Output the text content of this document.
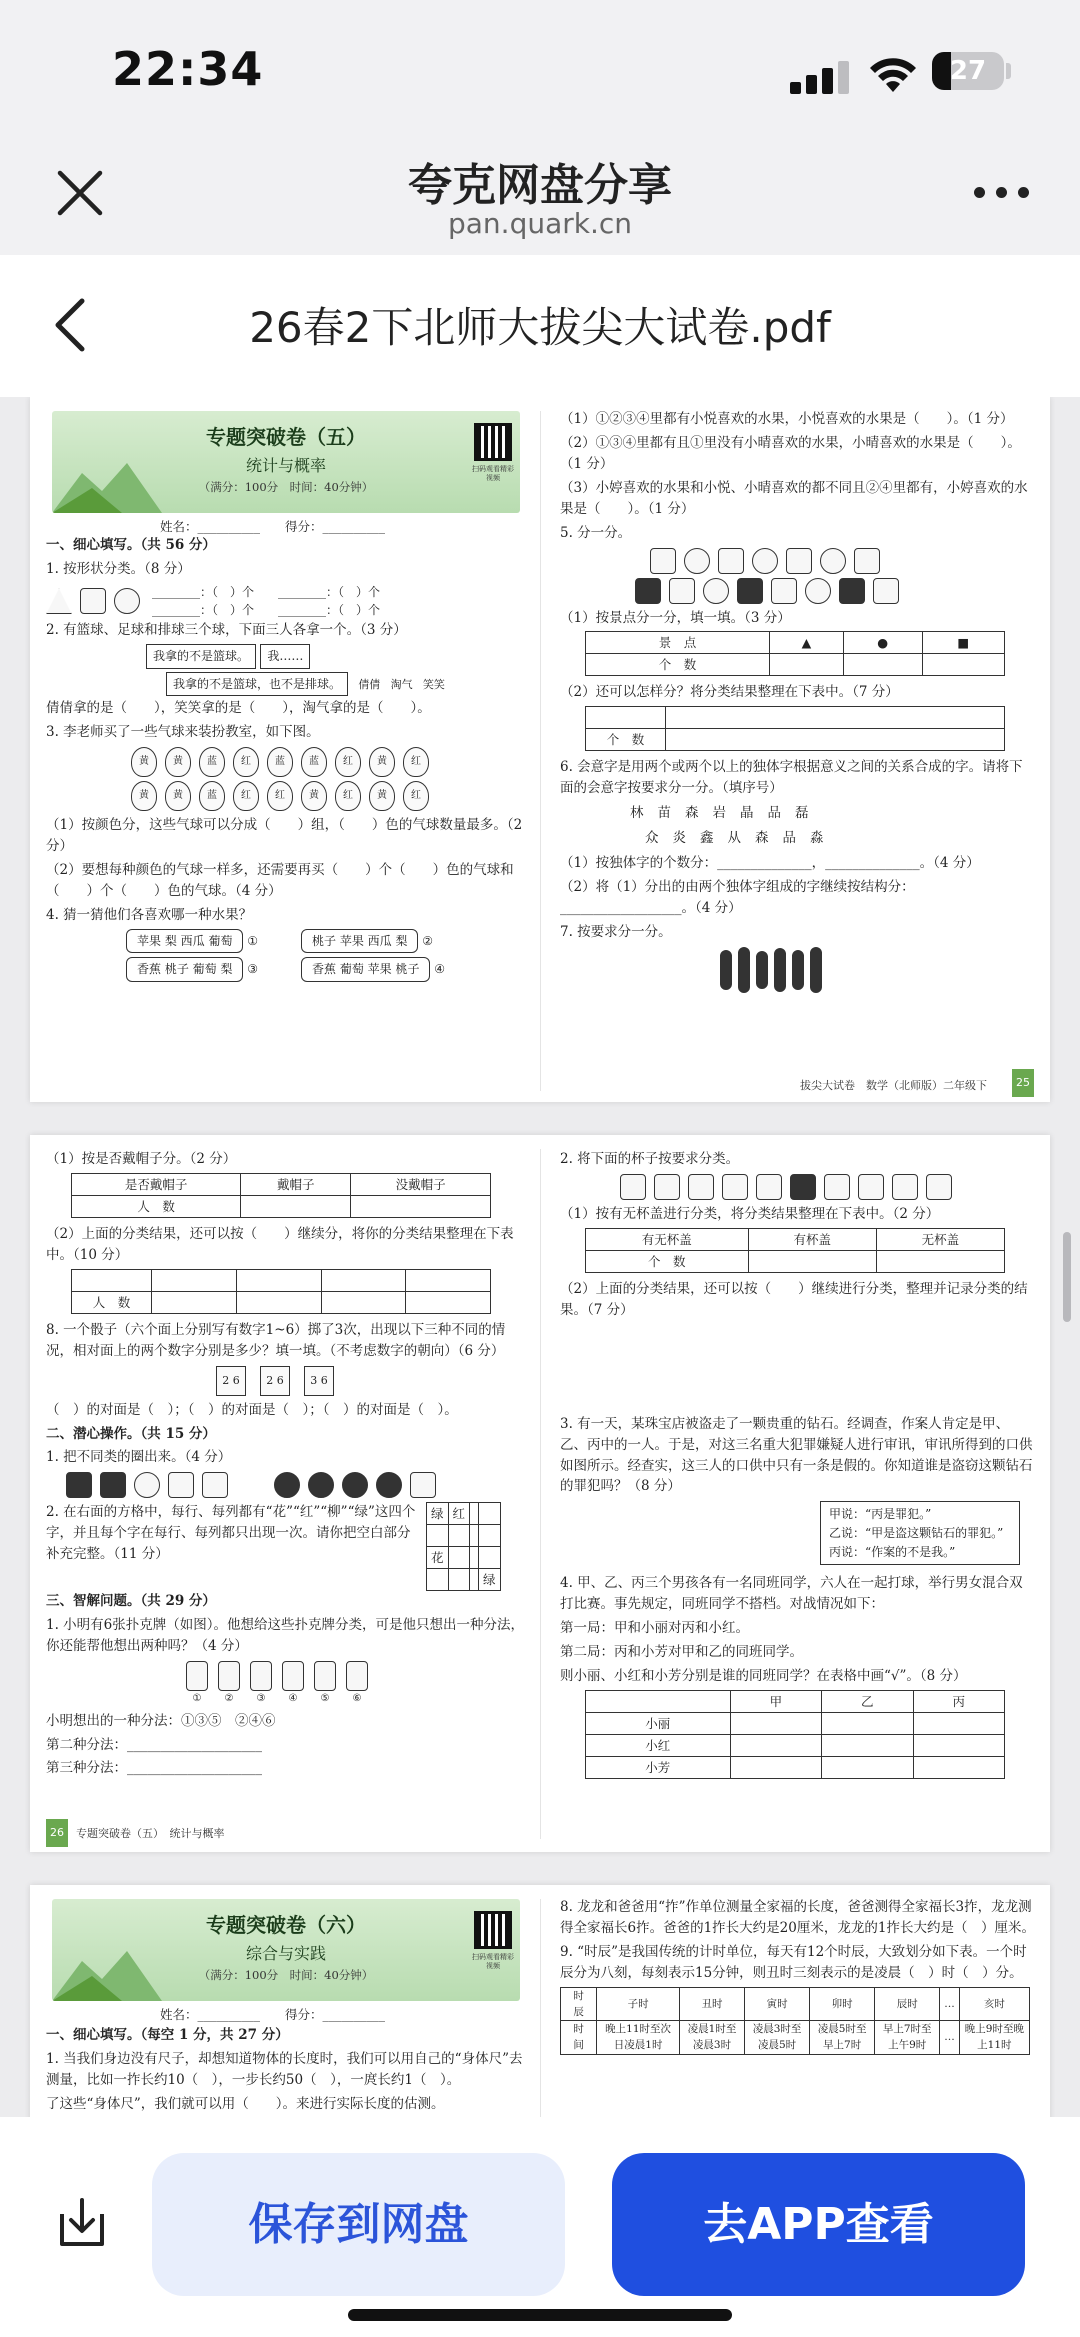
22:34	27
夸克网盘分享
pan.quark.cn
26春2下北师大拔尖大试卷.pdf
专题突破卷（五）
统计与概率
（满分：100分　时间：40分钟）
扫码观看精彩视频
姓名：__________　　得分：__________

一、细心填写。（共 56 分）

1. 按形状分类。（8 分）

________：（　）个　　________：（　）个
________：（　）个　　________：（　）个

2. 有篮球、足球和排球三个球，下面三人各拿一个。（3 分）

我拿的不是篮球。 我……
我拿的不是篮球，也不是排球。 倩倩 淘气 笑笑

倩倩拿的是（　　），笑笑拿的是（　　），淘气拿的是（　　）。

3. 李老师买了一些气球来装扮教室，如下图。

黄	黄	蓝	红	蓝	蓝	红	黄	红
黄	黄	蓝	红	红	黄	红	黄	红

（1）按颜色分，这些气球可以分成（　　）组，（　　）色的气球数量最多。（2 分）

（2）要想每种颜色的气球一样多，还需要再买（　　）个（　　）色的气球和（　　）个（　　）色的气球。（4 分）

4. 猜一猜他们各喜欢哪一种水果？

苹果 梨 西瓜 葡萄 ①	桃子 苹果 西瓜 梨 ②
香蕉 桃子 葡萄 梨 ③	香蕉 葡萄 苹果 桃子 ④

（1）①②③④里都有小悦喜欢的水果，小悦喜欢的水果是（　　）。（1 分）

（2）①③④里都有且①里没有小晴喜欢的水果，小晴喜欢的水果是（　　）。（1 分）

（3）小婷喜欢的水果和小悦、小晴喜欢的都不同且②④里都有，小婷喜欢的水果是（　　）。（1 分）

5. 分一分。

（1）按景点分一分，填一填。（3 分）

景　点	▲	●	■
个　数			

（2）还可以怎样分？将分类结果整理在下表中。（7 分）

个　数	

6. 会意字是用两个或两个以上的独体字根据意义之间的关系合成的字。请将下面的会意字按要求分一分。（填序号）

林 苗 森 岩 晶 品 磊
众 炎 鑫 从 森 品 淼

（1）按独体字的个数分：______________，______________。（4 分）

（2）将（1）分出的由两个独体字组成的字继续按结构分：__________________。（4 分）

7. 按要求分一分。

拔尖大试卷　数学（北师版）二年级下	25

（1）按是否戴帽子分。（2 分）

是否戴帽子	戴帽子	没戴帽子
人　数		

（2）上面的分类结果，还可以按（　　）继续分，将你的分类结果整理在下表中。（10 分）

人　数				

8. 一个骰子（六个面上分别写有数字1~6）掷了3次，出现以下三种不同的情况，相对面上的两个数字分别是多少？填一填。（不考虑数字的朝向）（6 分）

2 6	2 6	3 6

（　）的对面是（　）；（　）的对面是（　）；（　）的对面是（　）。

二、潜心操作。（共 15 分）

1. 把不同类的圈出来。（4 分）

2. 在右面的方格中，每行、每列都有“花”“红”“柳”“绿”这四个字，并且每个字在每行、每列都只出现一次。请你把空白部分补充完整。（11 分）

绿	红		

花			
			绿

三、智解问题。（共 29 分）

1. 小明有6张扑克牌（如图）。他想给这些扑克牌分类，可是他只想出一种分法，你还能帮他想出两种吗？（4 分）

①	②	③	④	⑤	⑥

小明想出的一种分法：①③⑤　②④⑥

第二种分法：____________________

第三种分法：____________________

2. 将下面的杯子按要求分类。

（1）按有无杯盖进行分类，将分类结果整理在下表中。（2 分）

有无杯盖	有杯盖	无杯盖
个　数		

（2）上面的分类结果，还可以按（　　）继续进行分类，整理并记录分类的结果。（7 分）

3. 有一天，某珠宝店被盗走了一颗贵重的钻石。经调查，作案人肯定是甲、乙、丙中的一人。于是，对这三名重大犯罪嫌疑人进行审讯，审讯所得到的口供如图所示。经查实，这三人的口供中只有一条是假的。你知道谁是盗窃这颗钻石的罪犯吗？（8 分）

甲说：“丙是罪犯。”
乙说：“甲是盗这颗钻石的罪犯。”
丙说：“作案的不是我。”

4. 甲、乙、丙三个男孩各有一名同班同学，六人在一起打球，举行男女混合双打比赛。事先规定，同班同学不搭档。对战情况如下：

第一局：甲和小丽对丙和小红。

第二局：丙和小芳对甲和乙的同班同学。

则小丽、小红和小芳分别是谁的同班同学？在表格中画“√”。（8 分）

	甲	乙	丙
小丽			
小红			
小芳			
26	专题突破卷（五）　统计与概率
专题突破卷（六）
综合与实践
（满分：100分　时间：40分钟）
扫码观看精彩视频
姓名：__________　　得分：__________

一、细心填写。（每空 1 分，共 27 分）

1. 当我们身边没有尺子，却想知道物体的长度时，我们可以用自己的“身体尺”去测量，比如一拃长约10（　），一步长约50（　），一庹长约1（　）。

了这些“身体尺”，我们就可以用（　　）。来进行实际长度的估测。

8. 龙龙和爸爸用“拃”作单位测量全家福的长度，爸爸测得全家福长3拃，龙龙测得全家福长6拃。爸爸的1拃长大约是20厘米，龙龙的1拃长大约是（　）厘米。

9. “时辰”是我国传统的计时单位，每天有12个时辰，大致划分如下表。一个时辰分为八刻，每刻表示15分钟，则丑时三刻表示的是凌晨（　）时（　）分。

时　辰	子时	丑时	寅时	卯时	辰时	…	亥时
时　间	晚上11时至次日凌晨1时	凌晨1时至凌晨3时	凌晨3时至凌晨5时	凌晨5时至早上7时	早上7时至上午9时	…	晚上9时至晚上11时
保存到网盘	去APP查看
